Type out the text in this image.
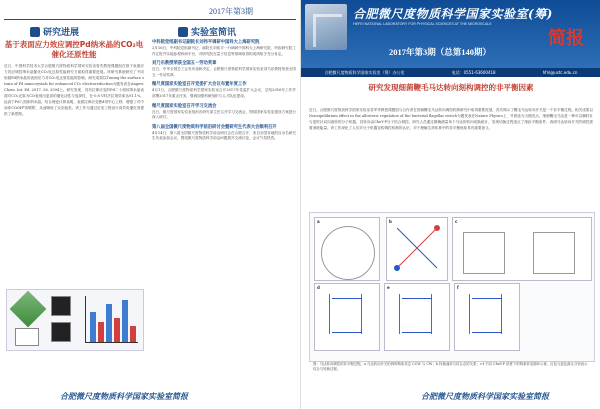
2017年第3期
研究进展	实验室简讯
基于表面应力效应调控Pd纳米晶的CO₂电催化还原性能
近日，中国科学技术大学合肥微尺度物质科学国家实验室曾杰教授课题组在基于表面应力效应调控纳米晶催化CO₂电还原性能研究方面取得重要进展。该研究系统研究了不同形貌Pd纳米晶的表面应力对CO₂电还原性能的影响，研究成果以Tuning the surface strain of Pd nanocrystals for enhanced CO₂ electroreduction为题发表在Angew. Chem. Int. Ed. 2017, 56, 3594上。研究发现，具有拉伸应变的Pd二十面体纳米晶表面对CO₂还原为CO表现出更高的催化活性与选择性，在-0.8 V时法拉第效率达91.1%，远高于Pd八面体纳米晶。结合理论计算表明，表面拉伸应变使d带中心上移，增强了对中间体COOH*的吸附，从而降低了反应能垒。该工作为通过应变工程设计高效电催化剂提供了新思路。
中科院党组副书记副院长刘伟平调研中国科大上海研究院
2月16日，中科院党组副书记、副院长刘伟平一行调研中国科大上海研究院，听取研究院工作汇报并实地参观科研平台，对研究院在量子信息等领域取得的成绩给予充分肯定。
刘乃乐教授荣获全国五一劳动奖章
近日，中华全国总工会发布表彰决定，合肥微尺度物质科学国家实验室刘乃乐教授荣获全国五一劳动奖章。
微尺度国家实验室召开党委扩大会议布置年度工作
4月1日，合肥微尺度物质科学国家实验室召开2017年党委扩大会议，总结2016年工作并部署2017年重点任务，强调加强科研组织与人才队伍建设。
微尺度国家实验室召开学习交流会
近日，微尺度国家实验室组织各研究部主任召开学习交流会，围绕国家实验室建设方案进行深入研讨。
第八届全国微尺度物质科学前沿研讨会暨研究生代表大会顺利召开
4月14日，第八届全国微尺度物质科学前沿研讨会在合肥召开，来自全国各地的百余名研究生代表参加会议，围绕微尺度物质科学前沿问题展开交流讨论，会议气氛热烈。
合肥微尺度物质科学国家实验室简报
合肥微尺度物质科学国家实验室(筹)
HEFEI NATIONAL LABORATORY FOR PHYSICAL SCIENCES AT THE MICROSCALE
简报
2017年第3期（总第140期）
合肥微尺度物质科学国家实验室（筹）办公室	电话：0551-63600418	hfnl@ustc.edu.cn
研究发现细菌鞭毛马达转向刻构调控的非平衡因素
近日，合肥微尺度物质科学国家实验室袁军华教授课题组与合作者在细菌鞭毛马达转向调控机制研究中取得重要进展，首次揭示了鞭毛马达转向开关是一个非平衡过程。相关成果以Nonequilibrium effect in the allosteric regulation of the bacterial flagellar switch为题发表在Nature Physics上，并被选为当期亮点。细菌鞭毛马达是一种可以顺时针与逆时针双向旋转的分子机器，其转向由CheY-P分子结合调控。研究人员通过精确测量单个马达的转向切换统计，发现切换过程违反了细致平衡条件，表明马达转向开关的调控需要消耗能量。该工作深化了人们对分子机器变构调控机制的认识，对于理解生命体系中的非平衡现象具有重要意义。
a	b	c
d	e	f
图：马达转向调控的非平衡过程。a 马达转向开关的两种构象状态 CCW 与 CW；b 转换速率与结合态的关系；c-f 不同 CheY-P 浓度下的构象转变循环示意，红色与蓝色箭头分别表示结合与转换过程。
合肥微尺度物质科学国家实验室简报
